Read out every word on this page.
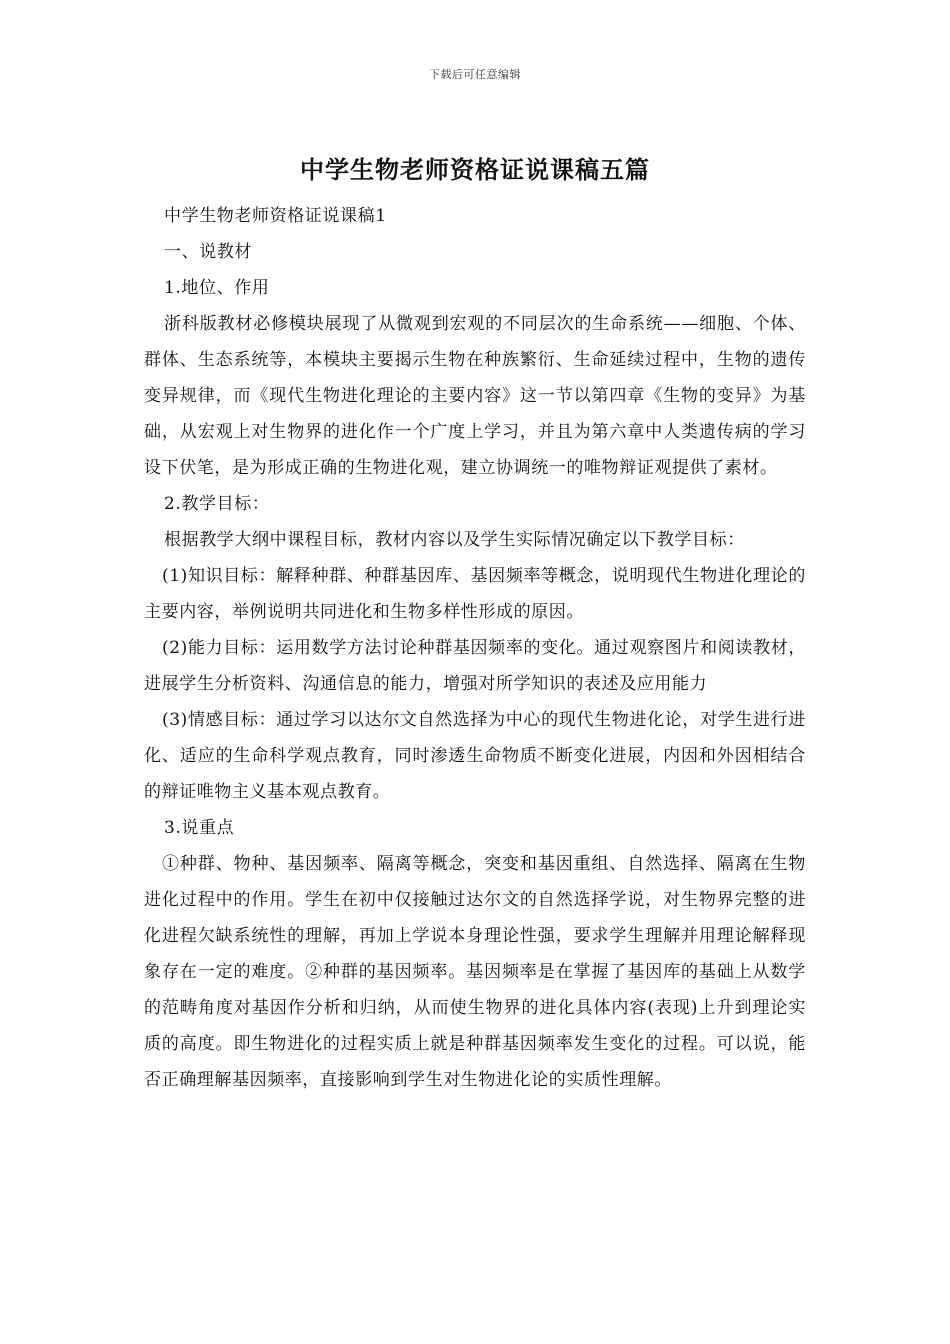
下载后可任意编辑
中学生物老师资格证说课稿五篇

中学生物老师资格证说课稿1

一、说教材

1.地位、作用

浙科版教材必修模块展现了从微观到宏观的不同层次的生命系统——细胞、个体、群体、生态系统等，本模块主要揭示生物在种族繁衍、生命延续过程中，生物的遗传变异规律，而《现代生物进化理论的主要内容》这一节以第四章《生物的变异》为基础，从宏观上对生物界的进化作一个广度上学习，并且为第六章中人类遗传病的学习设下伏笔，是为形成正确的生物进化观，建立协调统一的唯物辩证观提供了素材。

2.教学目标：

根据教学大纲中课程目标，教材内容以及学生实际情况确定以下教学目标：

(1)知识目标：解释种群、种群基因库、基因频率等概念，说明现代生物进化理论的主要内容，举例说明共同进化和生物多样性形成的原因。

(2)能力目标：运用数学方法讨论种群基因频率的变化。通过观察图片和阅读教材，进展学生分析资料、沟通信息的能力，增强对所学知识的表述及应用能力

(3)情感目标：通过学习以达尔文自然选择为中心的现代生物进化论，对学生进行进化、适应的生命科学观点教育，同时渗透生命物质不断变化进展，内因和外因相结合的辩证唯物主义基本观点教育。

3.说重点

①种群、物种、基因频率、隔离等概念，突变和基因重组、自然选择、隔离在生物进化过程中的作用。学生在初中仅接触过达尔文的自然选择学说，对生物界完整的进化进程欠缺系统性的理解，再加上学说本身理论性强，要求学生理解并用理论解释现象存在一定的难度。②种群的基因频率。基因频率是在掌握了基因库的基础上从数学的范畴角度对基因作分析和归纳，从而使生物界的进化具体内容(表现)上升到理论实质的高度。即生物进化的过程实质上就是种群基因频率发生变化的过程。可以说，能否正确理解基因频率，直接影响到学生对生物进化论的实质性理解。
